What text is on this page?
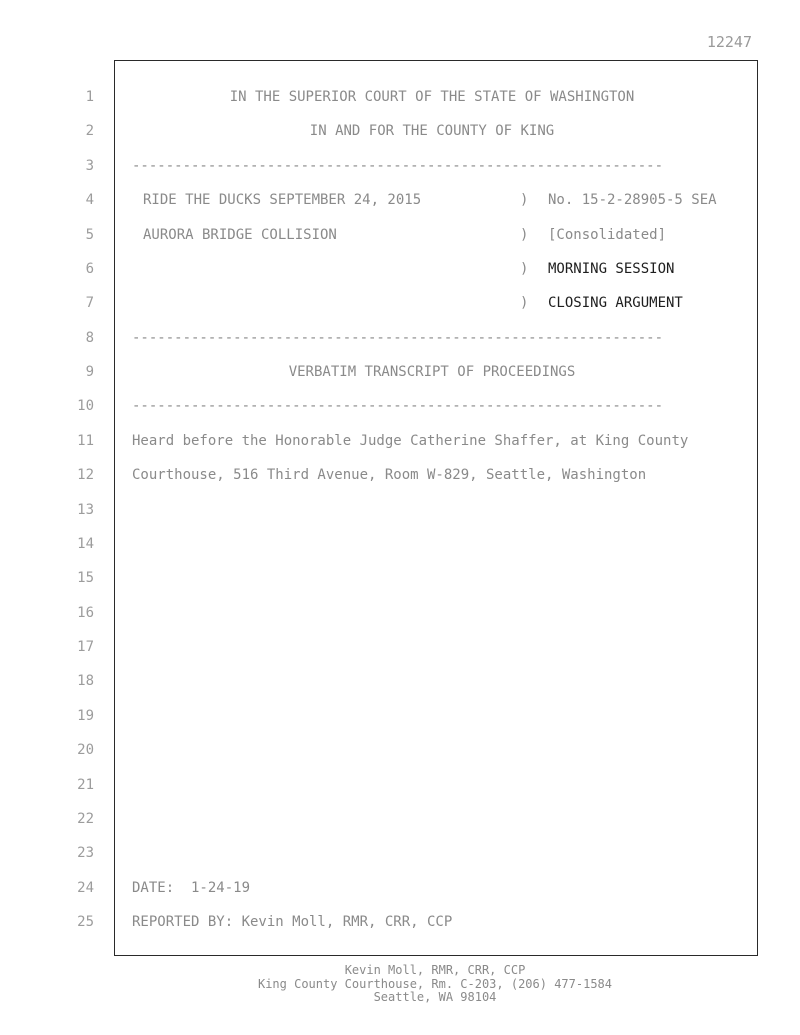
12247
1
2
3
4
5
6
7
8
9
10
11
12
13
14
15
16
17
18
19
20
21
22
23
24
25
IN THE SUPERIOR COURT OF THE STATE OF WASHINGTON
IN AND FOR THE COUNTY OF KING
---------------------------------------------------------------

RIDE THE DUCKS SEPTEMBER 24, 2015

	)

No. 15-2-28905-5 SEA

AURORA BRIDGE COLLISION

	)

[Consolidated]

)

MORNING SESSION

)

CLOSING ARGUMENT

---------------------------------------------------------------
VERBATIM TRANSCRIPT OF PROCEEDINGS
---------------------------------------------------------------
Heard before the Honorable Judge Catherine Shaffer, at King County
Courthouse, 516 Third Avenue, Room W-829, Seattle, Washington
DATE:  1-24-19
REPORTED BY: Kevin Moll, RMR, CRR, CCP
Kevin Moll, RMR, CRR, CCP
King County Courthouse, Rm. C-203, (206) 477-1584
Seattle, WA 98104
